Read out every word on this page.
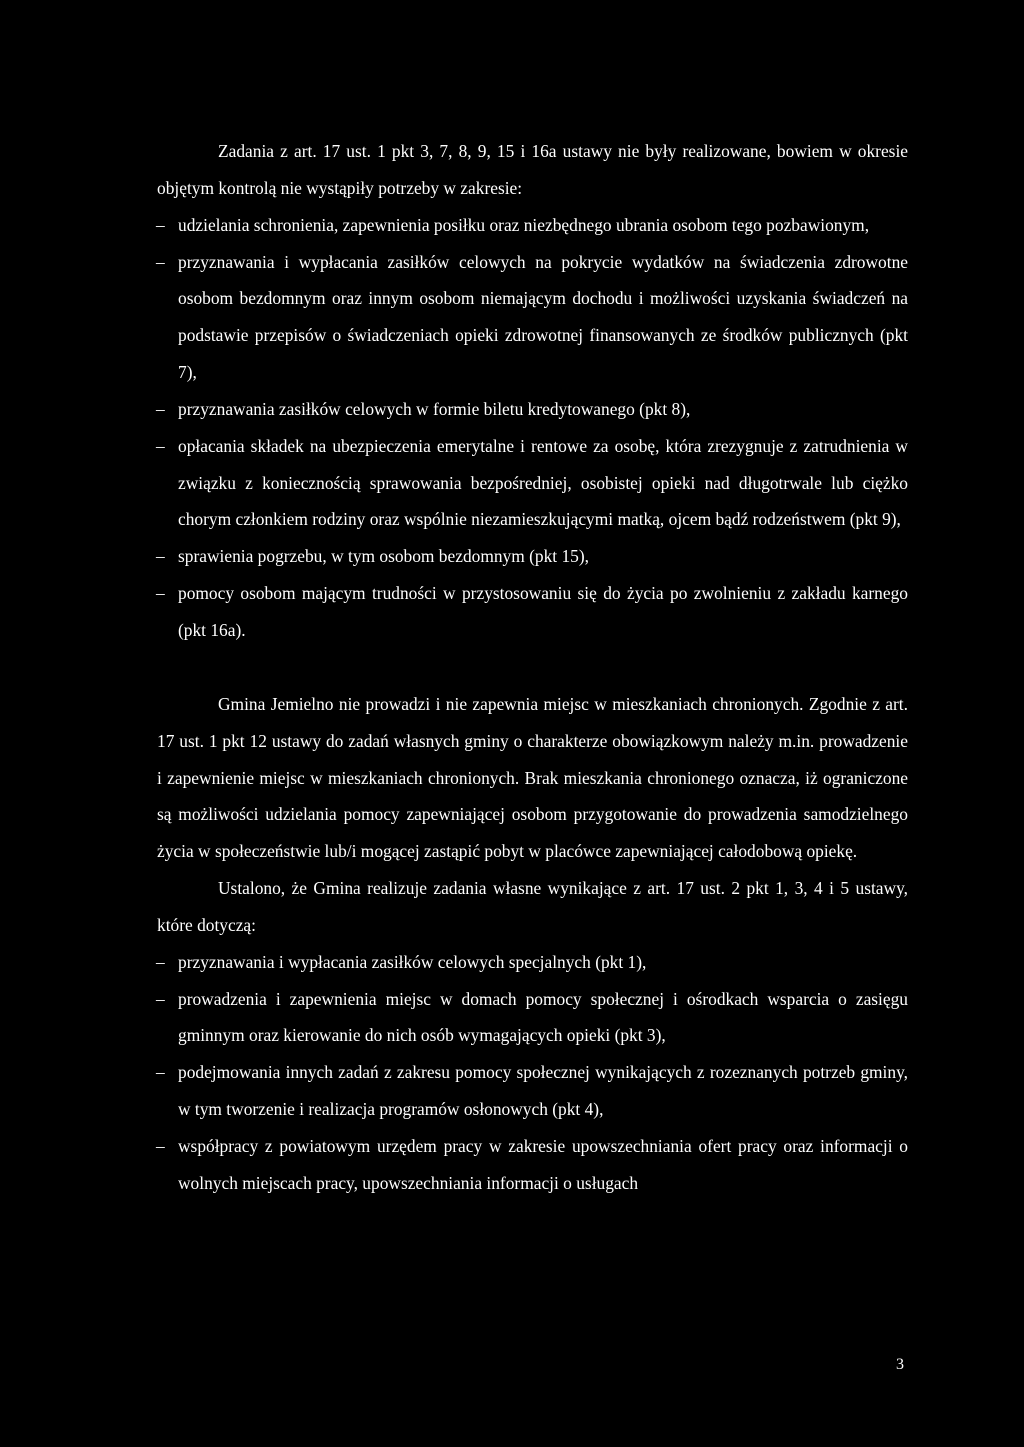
Zadania z art. 17 ust. 1 pkt 3, 7, 8, 9, 15 i 16a ustawy nie były realizowane, bowiem w okresie objętym kontrolą nie wystąpiły potrzeby w zakresie:

– udzielania schronienia, zapewnienia posiłku oraz niezbędnego ubrania osobom tego pozbawionym,
– przyznawania i wypłacania zasiłków celowych na pokrycie wydatków na świadczenia zdrowotne osobom bezdomnym oraz innym osobom niemającym dochodu i możliwości uzyskania świadczeń na podstawie przepisów o świadczeniach opieki zdrowotnej finansowanych ze środków publicznych (pkt 7),
– przyznawania zasiłków celowych w formie biletu kredytowanego (pkt 8),
– opłacania składek na ubezpieczenia emerytalne i rentowe za osobę, która zrezygnuje z zatrudnienia w związku z koniecznością sprawowania bezpośredniej, osobistej opieki nad długotrwale lub ciężko chorym członkiem rodziny oraz wspólnie niezamieszkującymi matką, ojcem bądź rodzeństwem (pkt 9),
– sprawienia pogrzebu, w tym osobom bezdomnym (pkt 15),
– pomocy osobom mającym trudności w przystosowaniu się do życia po zwolnieniu z zakładu karnego (pkt 16a).

Gmina Jemielno nie prowadzi i nie zapewnia miejsc w mieszkaniach chronionych. Zgodnie z art. 17 ust. 1 pkt 12 ustawy do zadań własnych gminy o charakterze obowiązkowym należy m.in. prowadzenie i zapewnienie miejsc w mieszkaniach chronionych. Brak mieszkania chronionego oznacza, iż ograniczone są możliwości udzielania pomocy zapewniającej osobom przygotowanie do prowadzenia samodzielnego życia w społeczeństwie lub/i mogącej zastąpić pobyt w placówce zapewniającej całodobową opiekę.

Ustalono, że Gmina realizuje zadania własne wynikające z art. 17 ust. 2 pkt 1, 3, 4 i 5 ustawy, które dotyczą:

– przyznawania i wypłacania zasiłków celowych specjalnych (pkt 1),
– prowadzenia i zapewnienia miejsc w domach pomocy społecznej i ośrodkach wsparcia o zasięgu gminnym oraz kierowanie do nich osób wymagających opieki (pkt 3),
– podejmowania innych zadań z zakresu pomocy społecznej wynikających z rozeznanych potrzeb gminy, w tym tworzenie i realizacja programów osłonowych (pkt 4),
– współpracy z powiatowym urzędem pracy w zakresie upowszechniania ofert pracy oraz informacji o wolnych miejscach pracy, upowszechniania informacji o usługach
3
